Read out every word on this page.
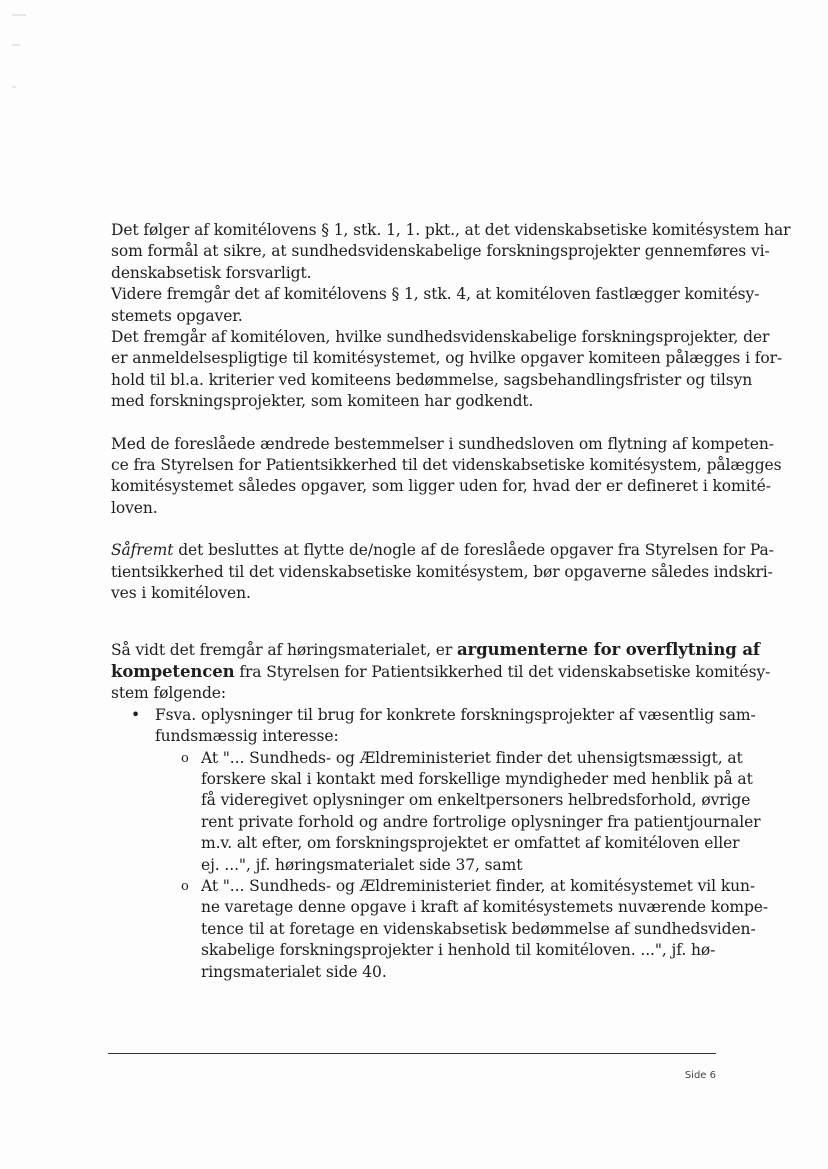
Det følger af komitélovens § 1, stk. 1, 1. pkt., at det videnskabsetiske komitésystem har
som formål at sikre, at sundhedsvidenskabelige forskningsprojekter gennemføres vi-
denskabsetisk forsvarligt.

Videre fremgår det af komitélovens § 1, stk. 4, at komitéloven fastlægger komitésy-
stemets opgaver.

Det fremgår af komitéloven, hvilke sundhedsvidenskabelige forskningsprojekter, der
er anmeldelsespligtige til komitésystemet, og hvilke opgaver komiteen pålægges i for-
hold til bl.a. kriterier ved komiteens bedømmelse, sagsbehandlingsfrister og tilsyn
med forskningsprojekter, som komiteen har godkendt.

Med de foreslåede ændrede bestemmelser i sundhedsloven om flytning af kompeten-
ce fra Styrelsen for Patientsikkerhed til det videnskabsetiske komitésystem, pålægges
komitésystemet således opgaver, som ligger uden for, hvad der er defineret i komité-
loven.

Såfremt det besluttes at flytte de/nogle af de foreslåede opgaver fra Styrelsen for Pa-
tientsikkerhed til det videnskabsetiske komitésystem, bør opgaverne således indskri-
ves i komitéloven.

Så vidt det fremgår af høringsmaterialet, er argumenterne for overflytning af
kompetencen fra Styrelsen for Patientsikkerhed til det videnskabsetiske komitésy-
stem følgende:

• Fsva. oplysninger til brug for konkrete forskningsprojekter af væsentlig sam-
fundsmæssig interesse:
o At "... Sundheds- og Ældreministeriet finder det uhensigtsmæssigt, at
forskere skal i kontakt med forskellige myndigheder med henblik på at
få videregivet oplysninger om enkeltpersoners helbredsforhold, øvrige
rent private forhold og andre fortrolige oplysninger fra patientjournaler
m.v. alt efter, om forskningsprojektet er omfattet af komitéloven eller
ej. ...", jf. høringsmaterialet side 37, samt
o At "... Sundheds- og Ældreministeriet finder, at komitésystemet vil kun-
ne varetage denne opgave i kraft af komitésystemets nuværende kompe-
tence til at foretage en videnskabsetisk bedømmelse af sundhedsviden-
skabelige forskningsprojekter i henhold til komitéloven. ...", jf. hø-
ringsmaterialet side 40.
Side 6
